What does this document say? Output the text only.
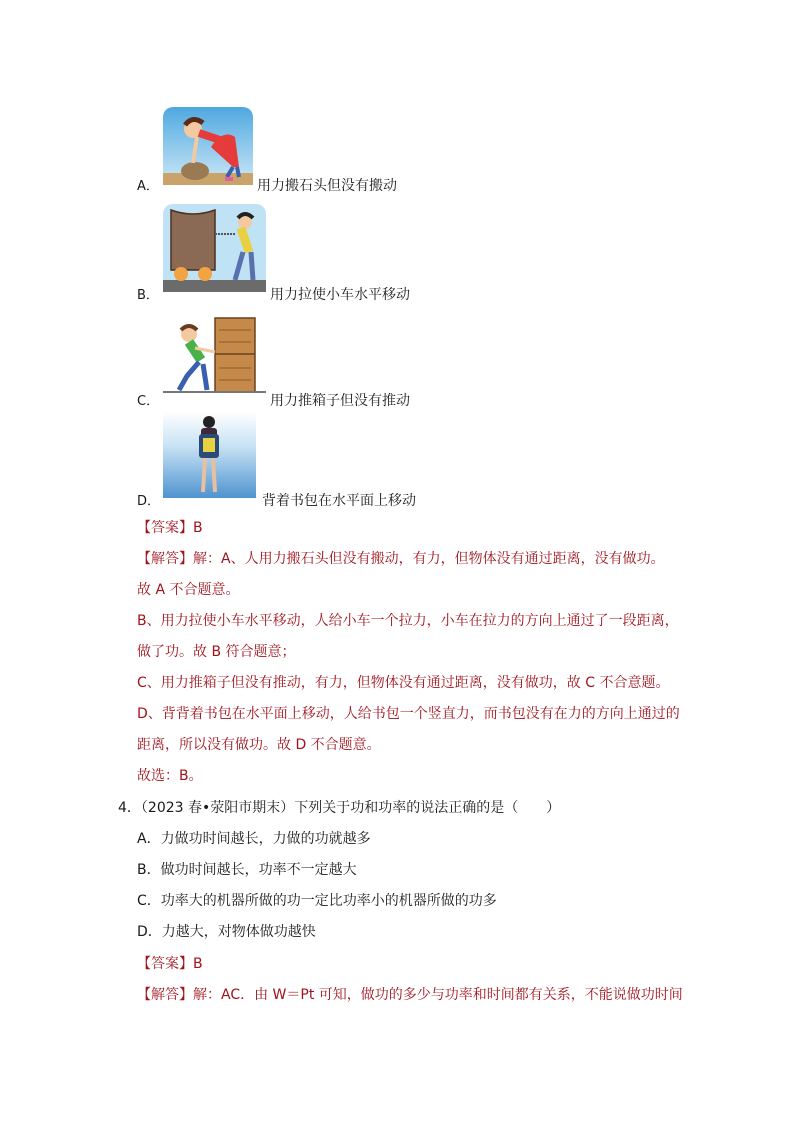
A．	用力搬石头但没有搬动
B．	用力拉使小车水平移动
C．	用力推箱子但没有推动
D．	背着书包在水平面上移动
【答案】B
【解答】解：A、人用力搬石头但没有搬动，有力，但物体没有通过距离，没有做功。
故 A 不合题意。
B、用力拉使小车水平移动，人给小车一个拉力，小车在拉力的方向上通过了一段距离，
做了功。故 B 符合题意；
C、用力推箱子但没有推动，有力，但物体没有通过距离，没有做功，故 C 不合意题。
D、背背着书包在水平面上移动，人给书包一个竖直力，而书包没有在力的方向上通过的
距离，所以没有做功。故 D 不合题意。
故选：B。
4．（2023 春•荥阳市期末）下列关于功和功率的说法正确的是（　　）
A．力做功时间越长，力做的功就越多
B．做功时间越长，功率不一定越大
C．功率大的机器所做的功一定比功率小的机器所做的功多
D．力越大，对物体做功越快
【答案】B
【解答】解：AC．由 W＝Pt 可知，做功的多少与功率和时间都有关系，不能说做功时间
